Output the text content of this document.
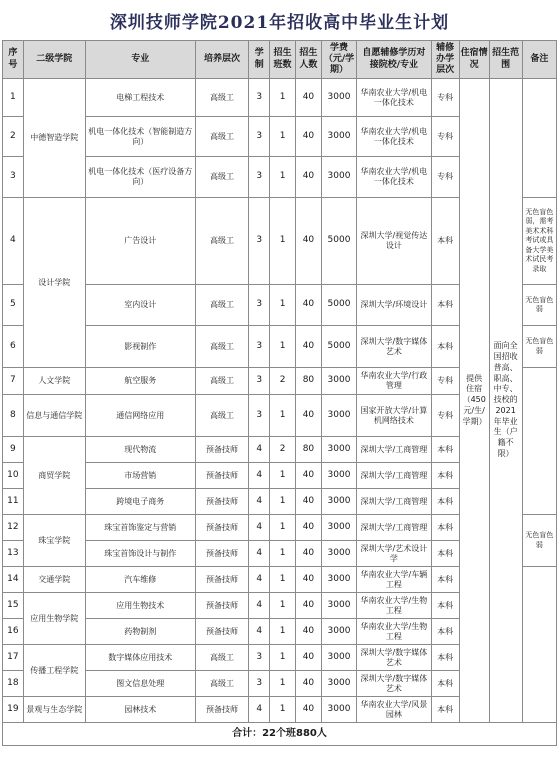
深圳技师学院2021年招收高中毕业生计划
序号	二级学院	专业	培养层次	学制	招生班数	招生人数	学费（元/学期）	自愿辅修学历对接院校/专业	辅修办学层次	住宿情况	招生范围	备注
1	中德智造学院	电梯工程技术	高级工	3	1	40	3000	华南农业大学/机电一体化技术	专科	提供住宿（450元/生/学期）	面向全国招收普高、职高、中专、技校的2021年毕业生（户籍不限）	
2		机电一体化技术（智能制造方向）	高级工	3	1	40	3000	华南农业大学/机电一体化技术	专科			
3		机电一体化技术（医疗设备方向）	高级工	3	1	40	3000	华南农业大学/机电一体化技术	专科			
4	设计学院	广告设计	高级工	3	1	40	5000	深圳大学/视觉传达设计	本科			无色盲色弱，需考美术术科考试或具备大学美术试民考录取
5		室内设计	高级工	3	1	40	5000	深圳大学/环境设计	本科			无色盲色弱
6		影视制作	高级工	3	1	40	5000	深圳大学/数字媒体艺术	本科			无色盲色弱
7	人文学院	航空服务	高级工	3	2	80	3000	华南农业大学/行政管理	专科			
8	信息与通信学院	通信网络应用	高级工	3	1	40	3000	国家开放大学/计算机网络技术	专科			
9	商贸学院	现代物流	预备技师	4	2	80	3000	深圳大学/工商管理	本科			
10		市场营销	预备技师	4	1	40	3000	深圳大学/工商管理	本科			
11		跨境电子商务	预备技师	4	1	40	3000	深圳大学/工商管理	本科			
12	珠宝学院	珠宝首饰鉴定与营销	预备技师	4	1	40	3000	深圳大学/工商管理	本科			无色盲色弱
13		珠宝首饰设计与制作	预备技师	4	1	40	3000	深圳大学/艺术设计学	本科			
14	交通学院	汽车维修	预备技师	4	1	40	3000	华南农业大学/车辆工程	本科			
15	应用生物学院	应用生物技术	预备技师	4	1	40	3000	华南农业大学/生物工程	本科			
16		药物制剂	预备技师	4	1	40	3000	华南农业大学/生物工程	本科			
17	传播工程学院	数字媒体应用技术	高级工	3	1	40	3000	深圳大学/数字媒体艺术	本科			
18		图文信息处理	高级工	3	1	40	3000	深圳大学/数字媒体艺术	本科			
19	景观与生态学院	园林技术	预备技师	4	1	40	3000	华南农业大学/风景园林	本科			
合计：22个班880人												
